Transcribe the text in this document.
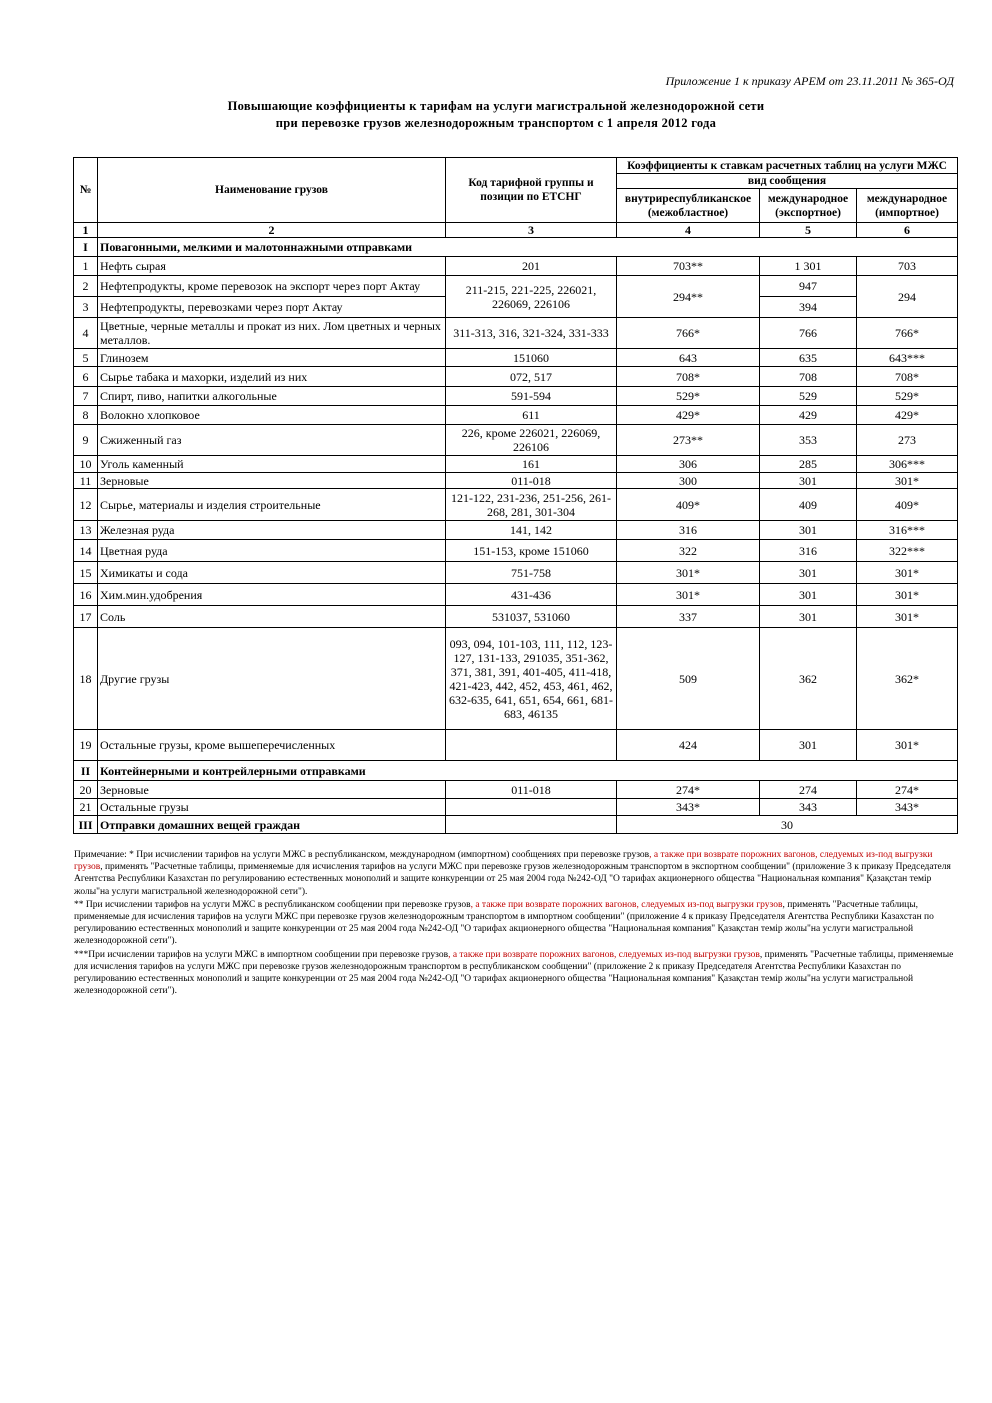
Приложение 1 к приказу АРЕМ от 23.11.2011 № 365-ОД
Повышающие коэффициенты к тарифам на услуги магистральной железнодорожной сети
при перевозке грузов железнодорожным транспортом с 1 апреля 2012 года
№	Наименование грузов	Код тарифной группы и позиции по ЕТСНГ	Коэффициенты к ставкам расчетных таблиц на услуги МЖС		
			вид сообщения		
			внутриреспубликанское (межобластное)	международное (экспортное)	международное (импортное)
1	2	3	4	5	6
I	Повагонными, мелкими и малотоннажными отправками				
1	Нефть сырая	201	703**	1 301	703
2	Нефтепродукты, кроме перевозок на экспорт через порт Актау	211-215, 221-225, 226021, 226069, 226106	294**	947	294
3	Нефтепродукты, перевозками через порт Актау			394	
4	Цветные, черные металлы и прокат из них. Лом цветных и черных металлов.	311-313, 316, 321-324, 331-333	766*	766	766*
5	Глинозем	151060	643	635	643***
6	Сырье табака и махорки, изделий из них	072, 517	708*	708	708*
7	Спирт, пиво, напитки алкогольные	591-594	529*	529	529*
8	Волокно хлопковое	611	429*	429	429*
9	Сжиженный газ	226, кроме 226021, 226069, 226106	273**	353	273
10	Уголь каменный	161	306	285	306***
11	Зерновые	011-018	300	301	301*
12	Сырье, материалы и изделия строительные	121-122, 231-236, 251-256, 261-268, 281, 301-304	409*	409	409*
13	Железная руда	141, 142	316	301	316***
14	Цветная руда	151-153, кроме 151060	322	316	322***
15	Химикаты и сода	751-758	301*	301	301*
16	Хим.мин.удобрения	431-436	301*	301	301*
17	Соль	531037, 531060	337	301	301*
18	Другие грузы	093, 094, 101-103, 111, 112, 123-127, 131-133, 291035, 351-362, 371, 381, 391, 401-405, 411-418, 421-423, 442, 452, 453, 461, 462, 632-635, 641, 651, 654, 661, 681-683, 46135	509	362	362*
19	Остальные грузы, кроме вышеперечисленных		424	301	301*
II	Контейнерными и контрейлерными отправками				
20	Зерновые	011-018	274*	274	274*
21	Остальные грузы		343*	343	343*
III	Отправки домашних вещей граждан		30		

Примечание: * При исчислении тарифов на услуги МЖС в республиканском, международном (импортном) сообщениях при перевозке грузов, а также при возврате порожних вагонов, следуемых из-под выгрузки грузов, применять "Расчетные таблицы, применяемые для исчисления тарифов на услуги МЖС при перевозке грузов железнодорожным транспортом в экспортном сообщении" (приложение 3 к приказу Председателя Агентства Республики Казахстан по регулированию естественных монополий и защите конкуренции от 25 мая 2004 года №242-ОД "О тарифах акционерного общества "Национальная компания" Қазақстан темір жолы"на услуги магистральной железнодорожной сети").

** При исчислении тарифов на услуги МЖС в республиканском сообщении при перевозке грузов, а также при возврате порожних вагонов, следуемых из-под выгрузки грузов, применять "Расчетные таблицы, применяемые для исчисления тарифов на услуги МЖС при перевозке грузов железнодорожным транспортом в импортном сообщении" (приложение 4 к приказу Председателя Агентства Республики Казахстан по регулированию естественных монополий и защите конкуренции от 25 мая 2004 года №242-ОД "О тарифах акционерного общества "Национальная компания" Қазақстан темір жолы"на услуги магистральной железнодорожной сети").

***При исчислении тарифов на услуги МЖС в импортном сообщении при перевозке грузов, а также при возврате порожних вагонов, следуемых из-под выгрузки грузов, применять "Расчетные таблицы, применяемые для исчисления тарифов на услуги МЖС при перевозке грузов железнодорожным транспортом в республиканском сообщении" (приложение 2 к приказу Председателя Агентства Республики Казахстан по регулированию естественных монополий и защите конкуренции от 25 мая 2004 года №242-ОД "О тарифах акционерного общества "Национальная компания" Қазақстан темір жолы"на услуги магистральной железнодорожной сети").
